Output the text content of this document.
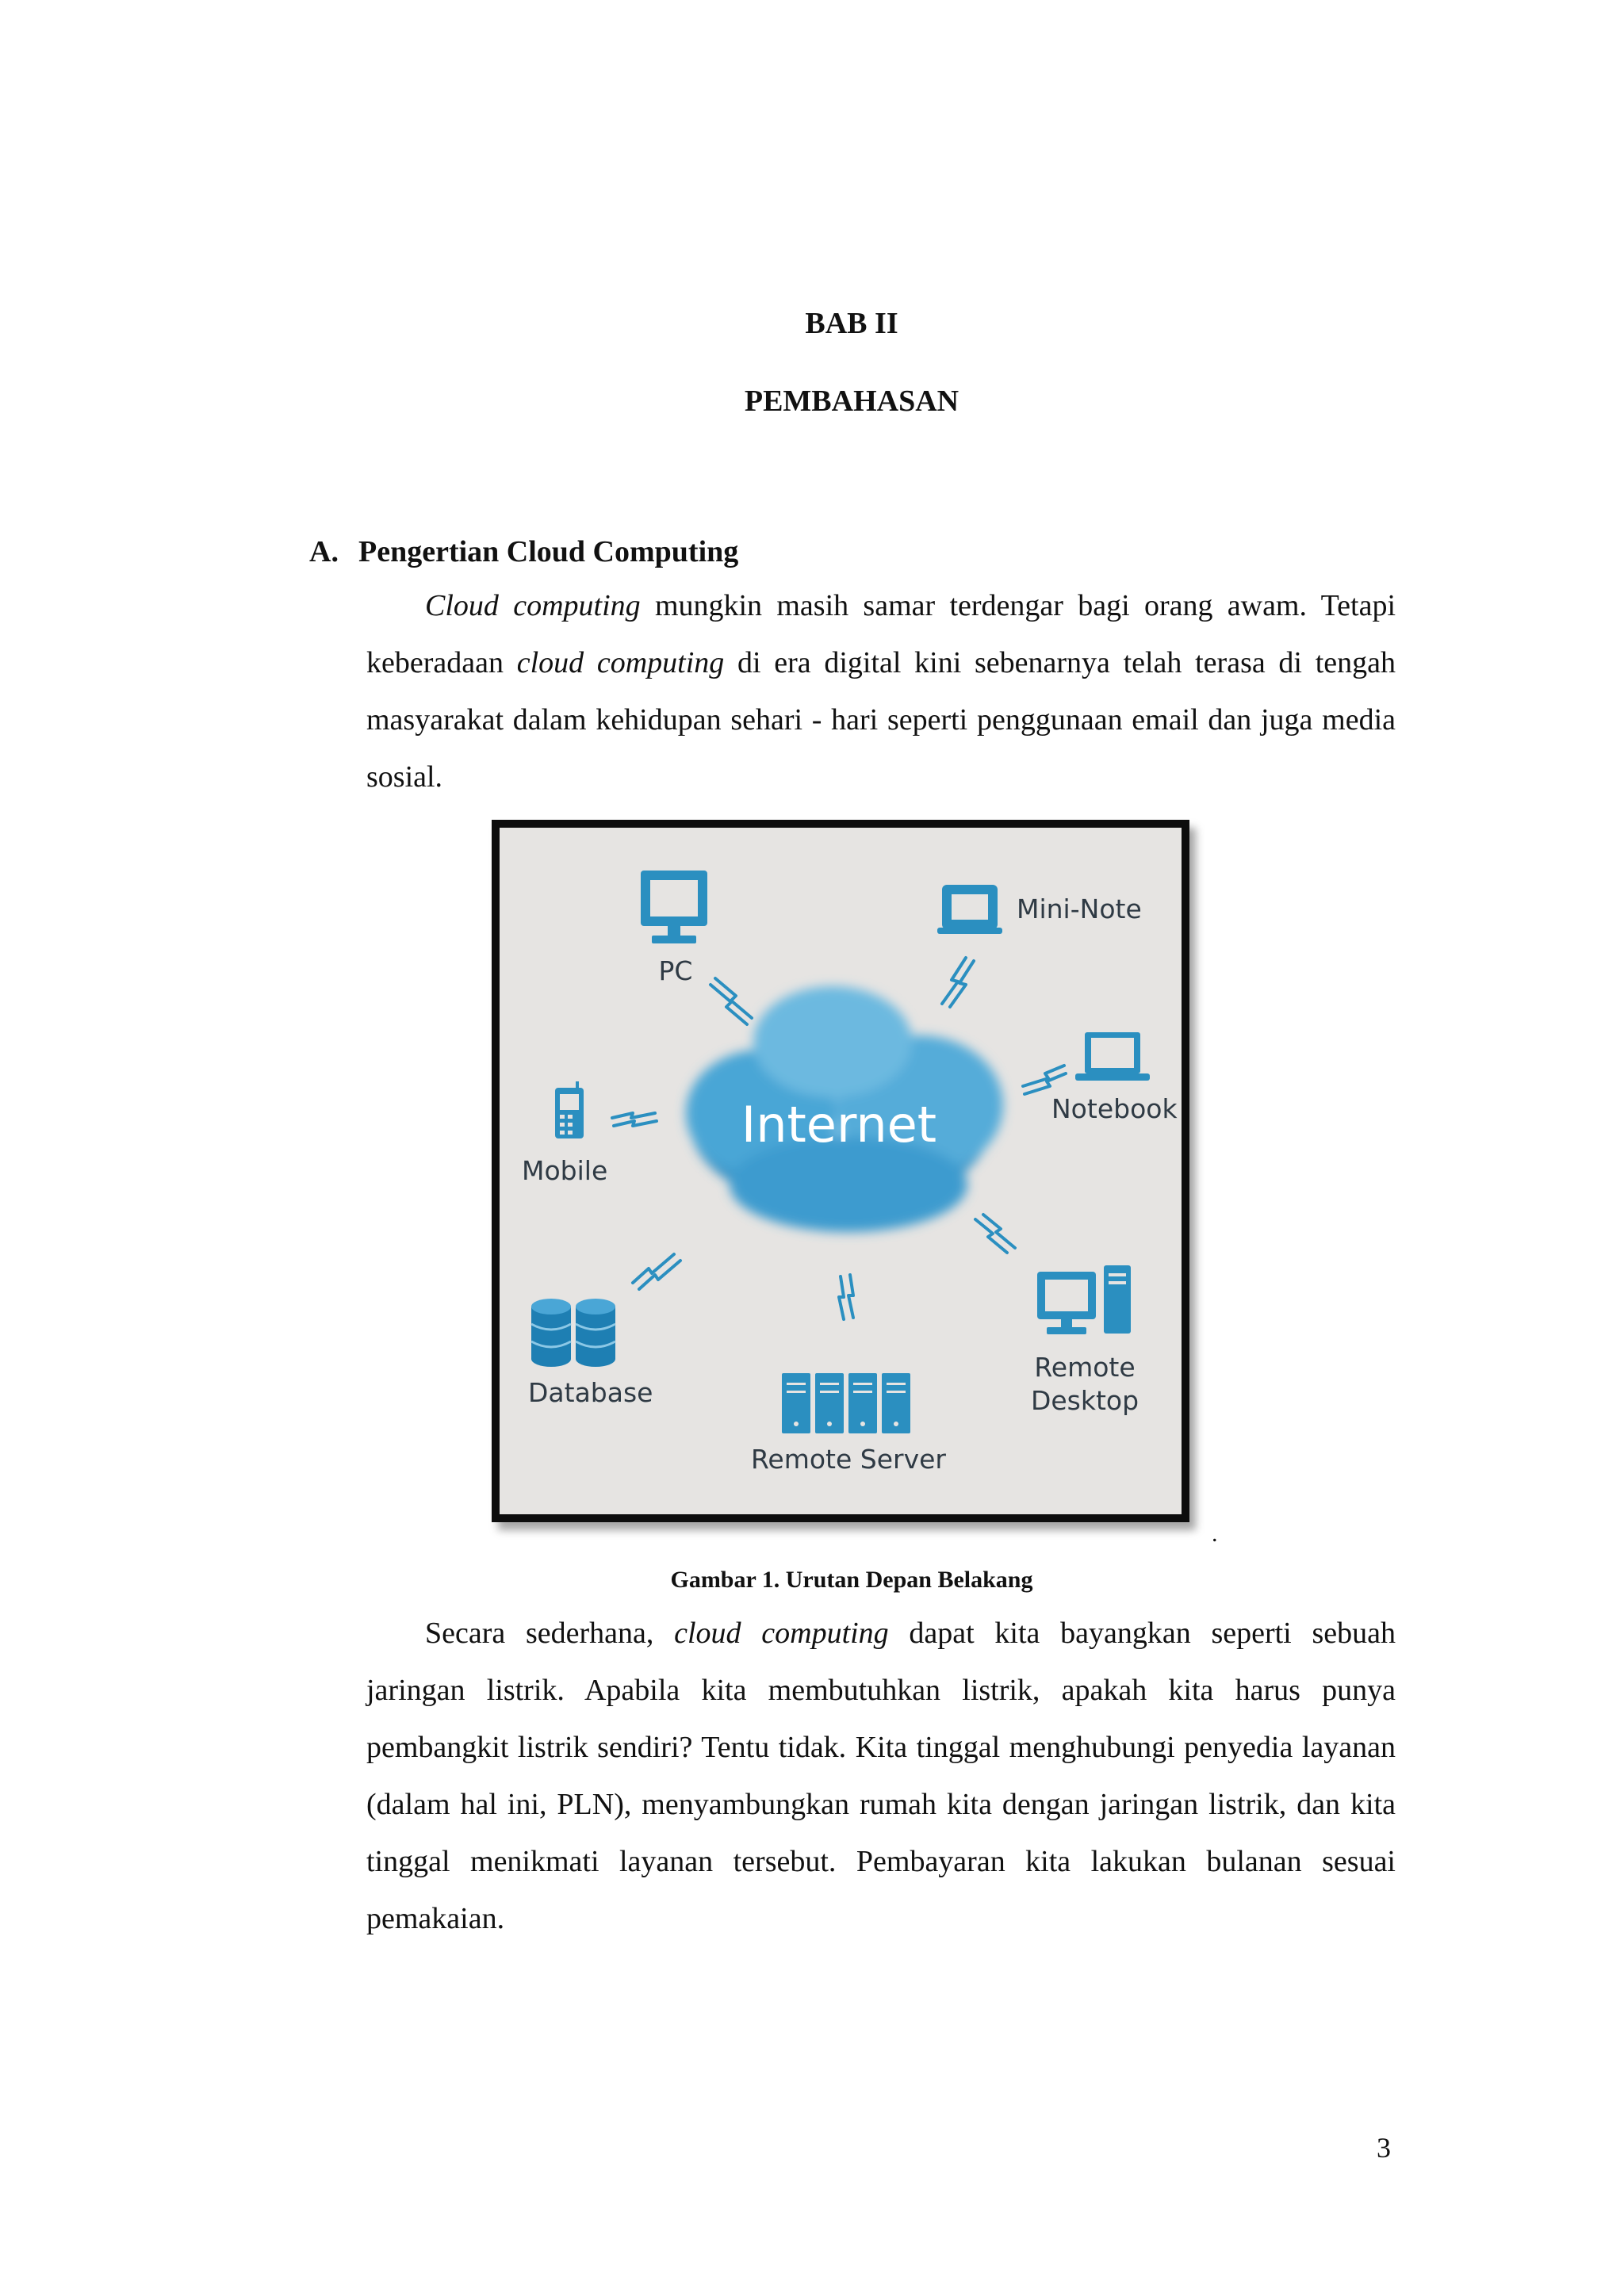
BAB II
PEMBAHASAN
A. Pengertian Cloud Computing

Cloud computing mungkin masih samar terdengar bagi orang awam. Tetapi keberadaan cloud computing di era digital kini sebenarnya telah terasa di tengah masyarakat dalam kehidupan sehari - hari seperti penggunaan email dan juga media sosial.

Internet
PC
Mini-Note
Notebook
Mobile
Database
Remote Server
Remote
Desktop
.
Gambar 1. Urutan Depan Belakang

Secara sederhana, cloud computing dapat kita bayangkan seperti sebuah jaringan listrik. Apabila kita membutuhkan listrik, apakah kita harus punya pembangkit listrik sendiri? Tentu tidak. Kita tinggal menghubungi penyedia layanan (dalam hal ini, PLN), menyambungkan rumah kita dengan jaringan listrik, dan kita tinggal menikmati layanan tersebut. Pembayaran kita lakukan bulanan sesuai pemakaian.

3
